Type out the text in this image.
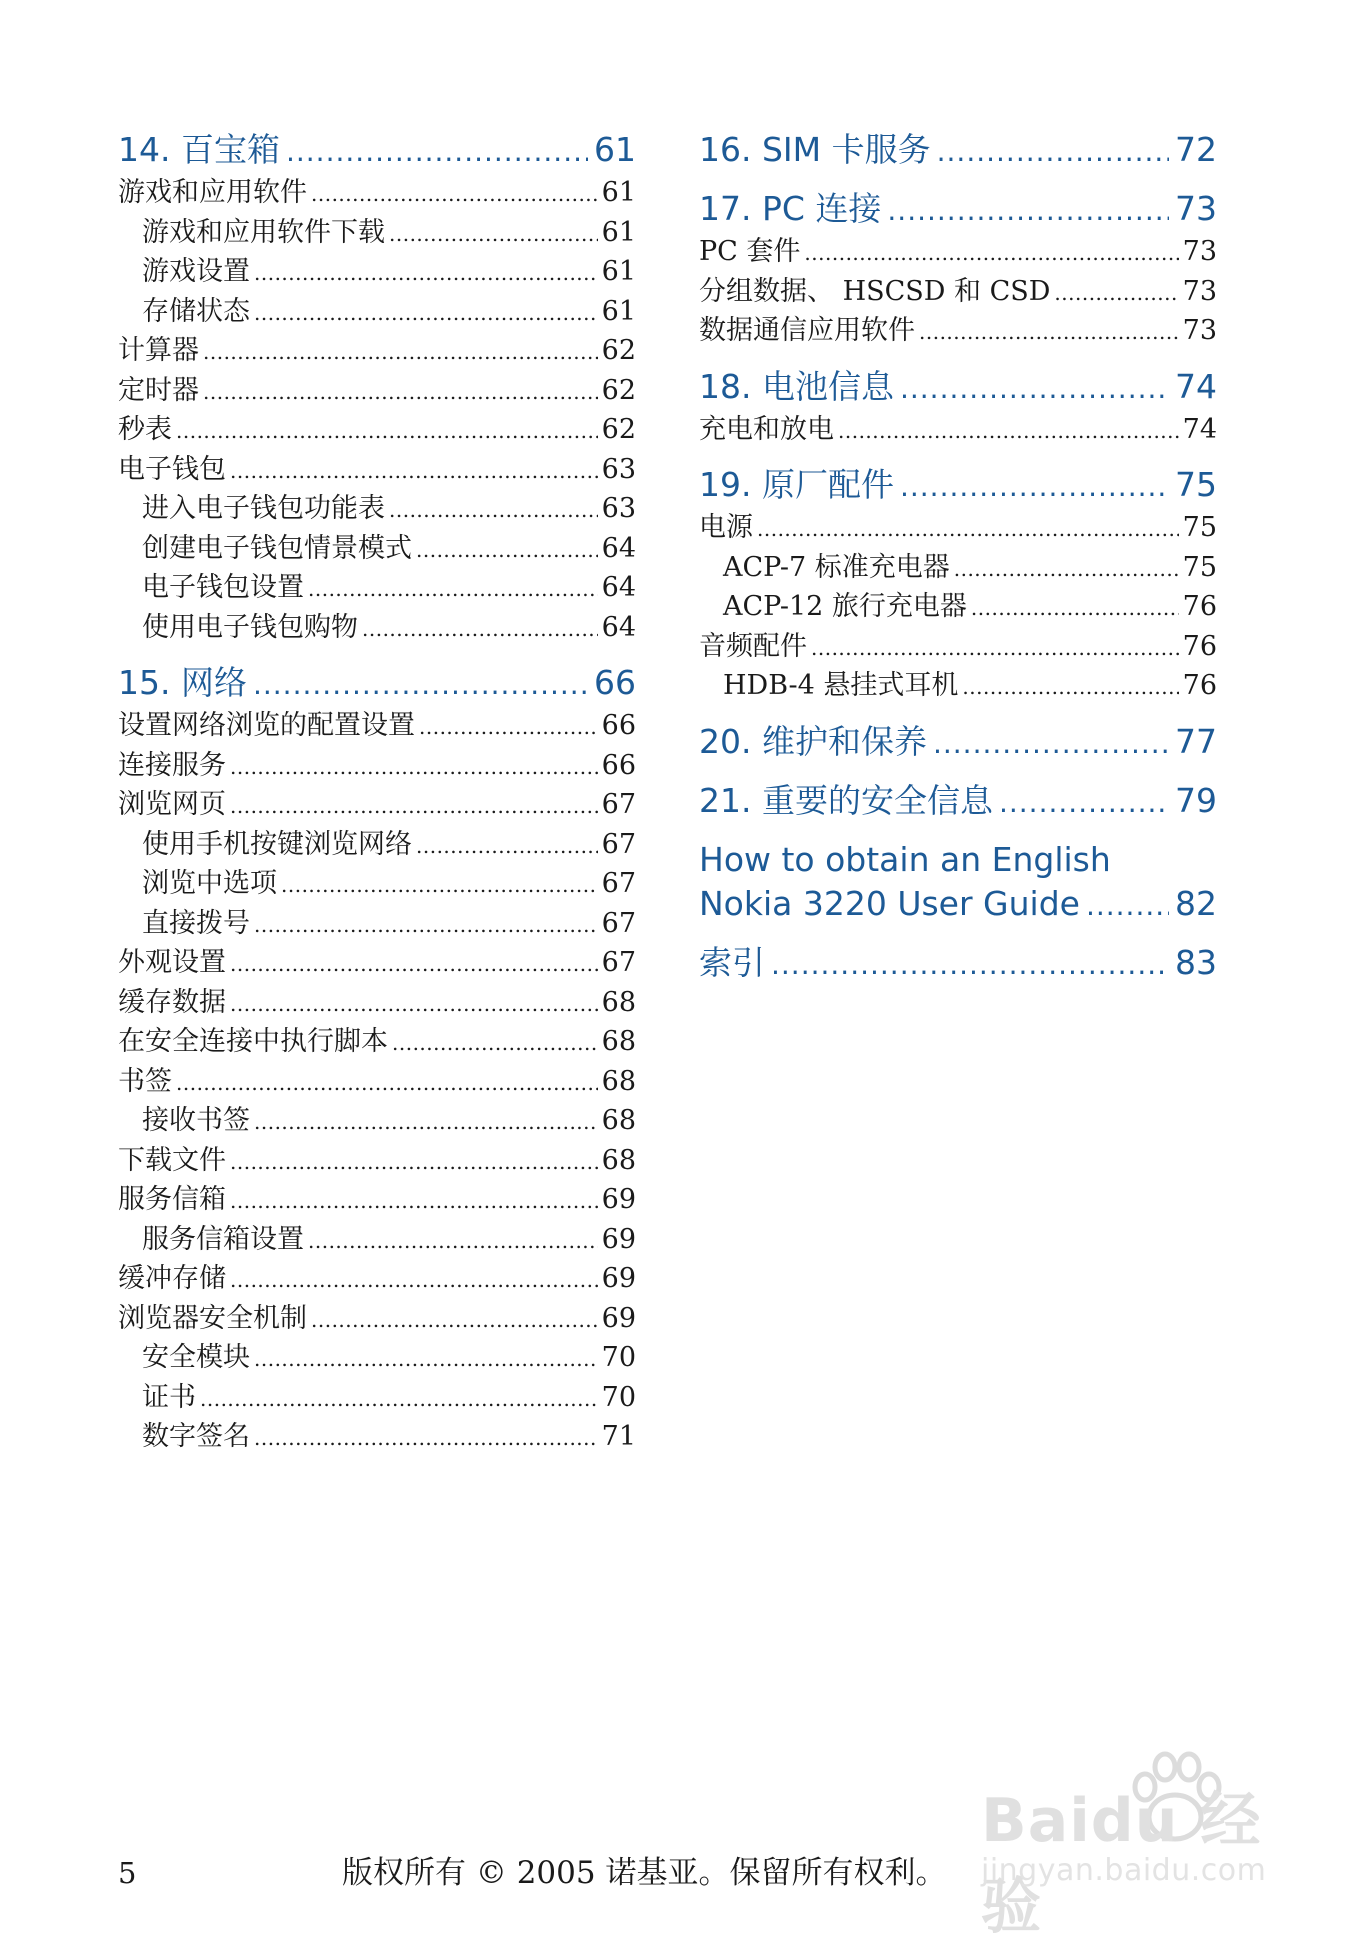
14. 百宝箱 .....	61
游戏和应用软件 .....	61
游戏和应用软件下载 .....	61
游戏设置 .....	61
存储状态 .....	61
计算器 .....	62
定时器 .....	62
秒表 .....	62
电子钱包 .....	63
进入电子钱包功能表 .....	63
创建电子钱包情景模式 .....	64
电子钱包设置 .....	64
使用电子钱包购物 .....	64
15. 网络 .....	66
设置网络浏览的配置设置 .....	66
连接服务 .....	66
浏览网页 .....	67
使用手机按键浏览网络 .....	67
浏览中选项 .....	67
直接拨号 .....	67
外观设置 .....	67
缓存数据 .....	68
在安全连接中执行脚本 .....	68
书签 .....	68
接收书签 .....	68
下载文件 .....	68
服务信箱 .....	69
服务信箱设置 .....	69
缓冲存储 .....	69
浏览器安全机制 .....	69
安全模块 .....	70
证书 .....	70
数字签名 .....	71
16. SIM 卡服务 .....	72
17. PC 连接 .....	73
PC 套件 .....	73
分组数据、 HSCSD 和 CSD .....	73
数据通信应用软件 .....	73
18. 电池信息 .....	74
充电和放电 .....	74
19. 原厂配件 .....	75
电源 .....	75
ACP-7 标准充电器 .....	75
ACP-12 旅行充电器 .....	76
音频配件 .....	76
HDB-4 悬挂式耳机 .....	76
20. 维护和保养 .....	77
21. 重要的安全信息 .....	79
How to obtain an English
Nokia 3220 User Guide .....	82
索引 .....	83
5	版权所有 © 2005 诺基亚。保留所有权利。
Baidu 经验
jingyan.baidu.com
